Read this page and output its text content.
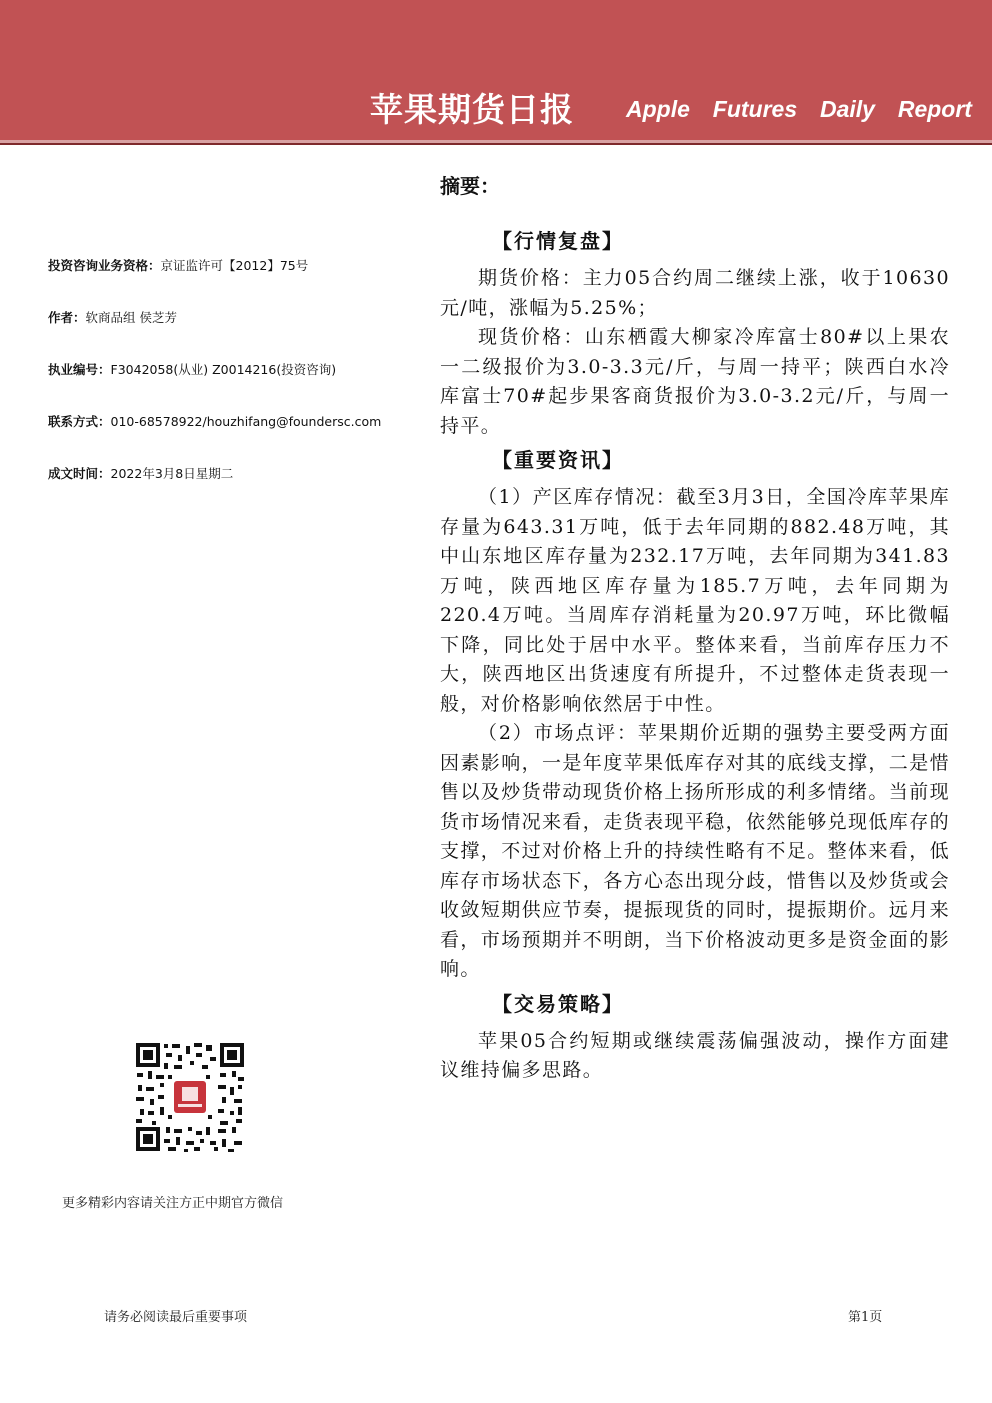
苹果期货日报 Apple Futures Daily Report
投资咨询业务资格：京证监许可【2012】75号
作者：软商品组 侯芝芳
执业编号：F3042058(从业) Z0014216(投资咨询)
联系方式：010-68578922/houzhifang@foundersc.com
成文时间：2022年3月8日星期二
更多精彩内容请关注方正中期官方微信
摘要：
【行情复盘】

期货价格：主力05合约周二继续上涨，收于10630元/吨，涨幅为5.25%；

现货价格：山东栖霞大柳家冷库富士80#以上果农一二级报价为3.0-3.3元/斤，与周一持平；陕西白水冷库富士70#起步果客商货报价为3.0-3.2元/斤，与周一持平。

【重要资讯】

（1）产区库存情况：截至3月3日，全国冷库苹果库存量为643.31万吨，低于去年同期的882.48万吨，其中山东地区库存量为232.17万吨，去年同期为341.83万吨，陕西地区库存量为185.7万吨，去年同期为220.4万吨。当周库存消耗量为20.97万吨，环比微幅下降，同比处于居中水平。整体来看，当前库存压力不大，陕西地区出货速度有所提升，不过整体走货表现一般，对价格影响依然居于中性。

（2）市场点评：苹果期价近期的强势主要受两方面因素影响，一是年度苹果低库存对其的底线支撑，二是惜售以及炒货带动现货价格上扬所形成的利多情绪。当前现货市场情况来看，走货表现平稳，依然能够兑现低库存的支撑，不过对价格上升的持续性略有不足。整体来看，低库存市场状态下，各方心态出现分歧，惜售以及炒货或会收敛短期供应节奏，提振现货的同时，提振期价。远月来看，市场预期并不明朗，当下价格波动更多是资金面的影响。

【交易策略】

苹果05合约短期或继续震荡偏强波动，操作方面建议维持偏多思路。

请务必阅读最后重要事项	第1页
